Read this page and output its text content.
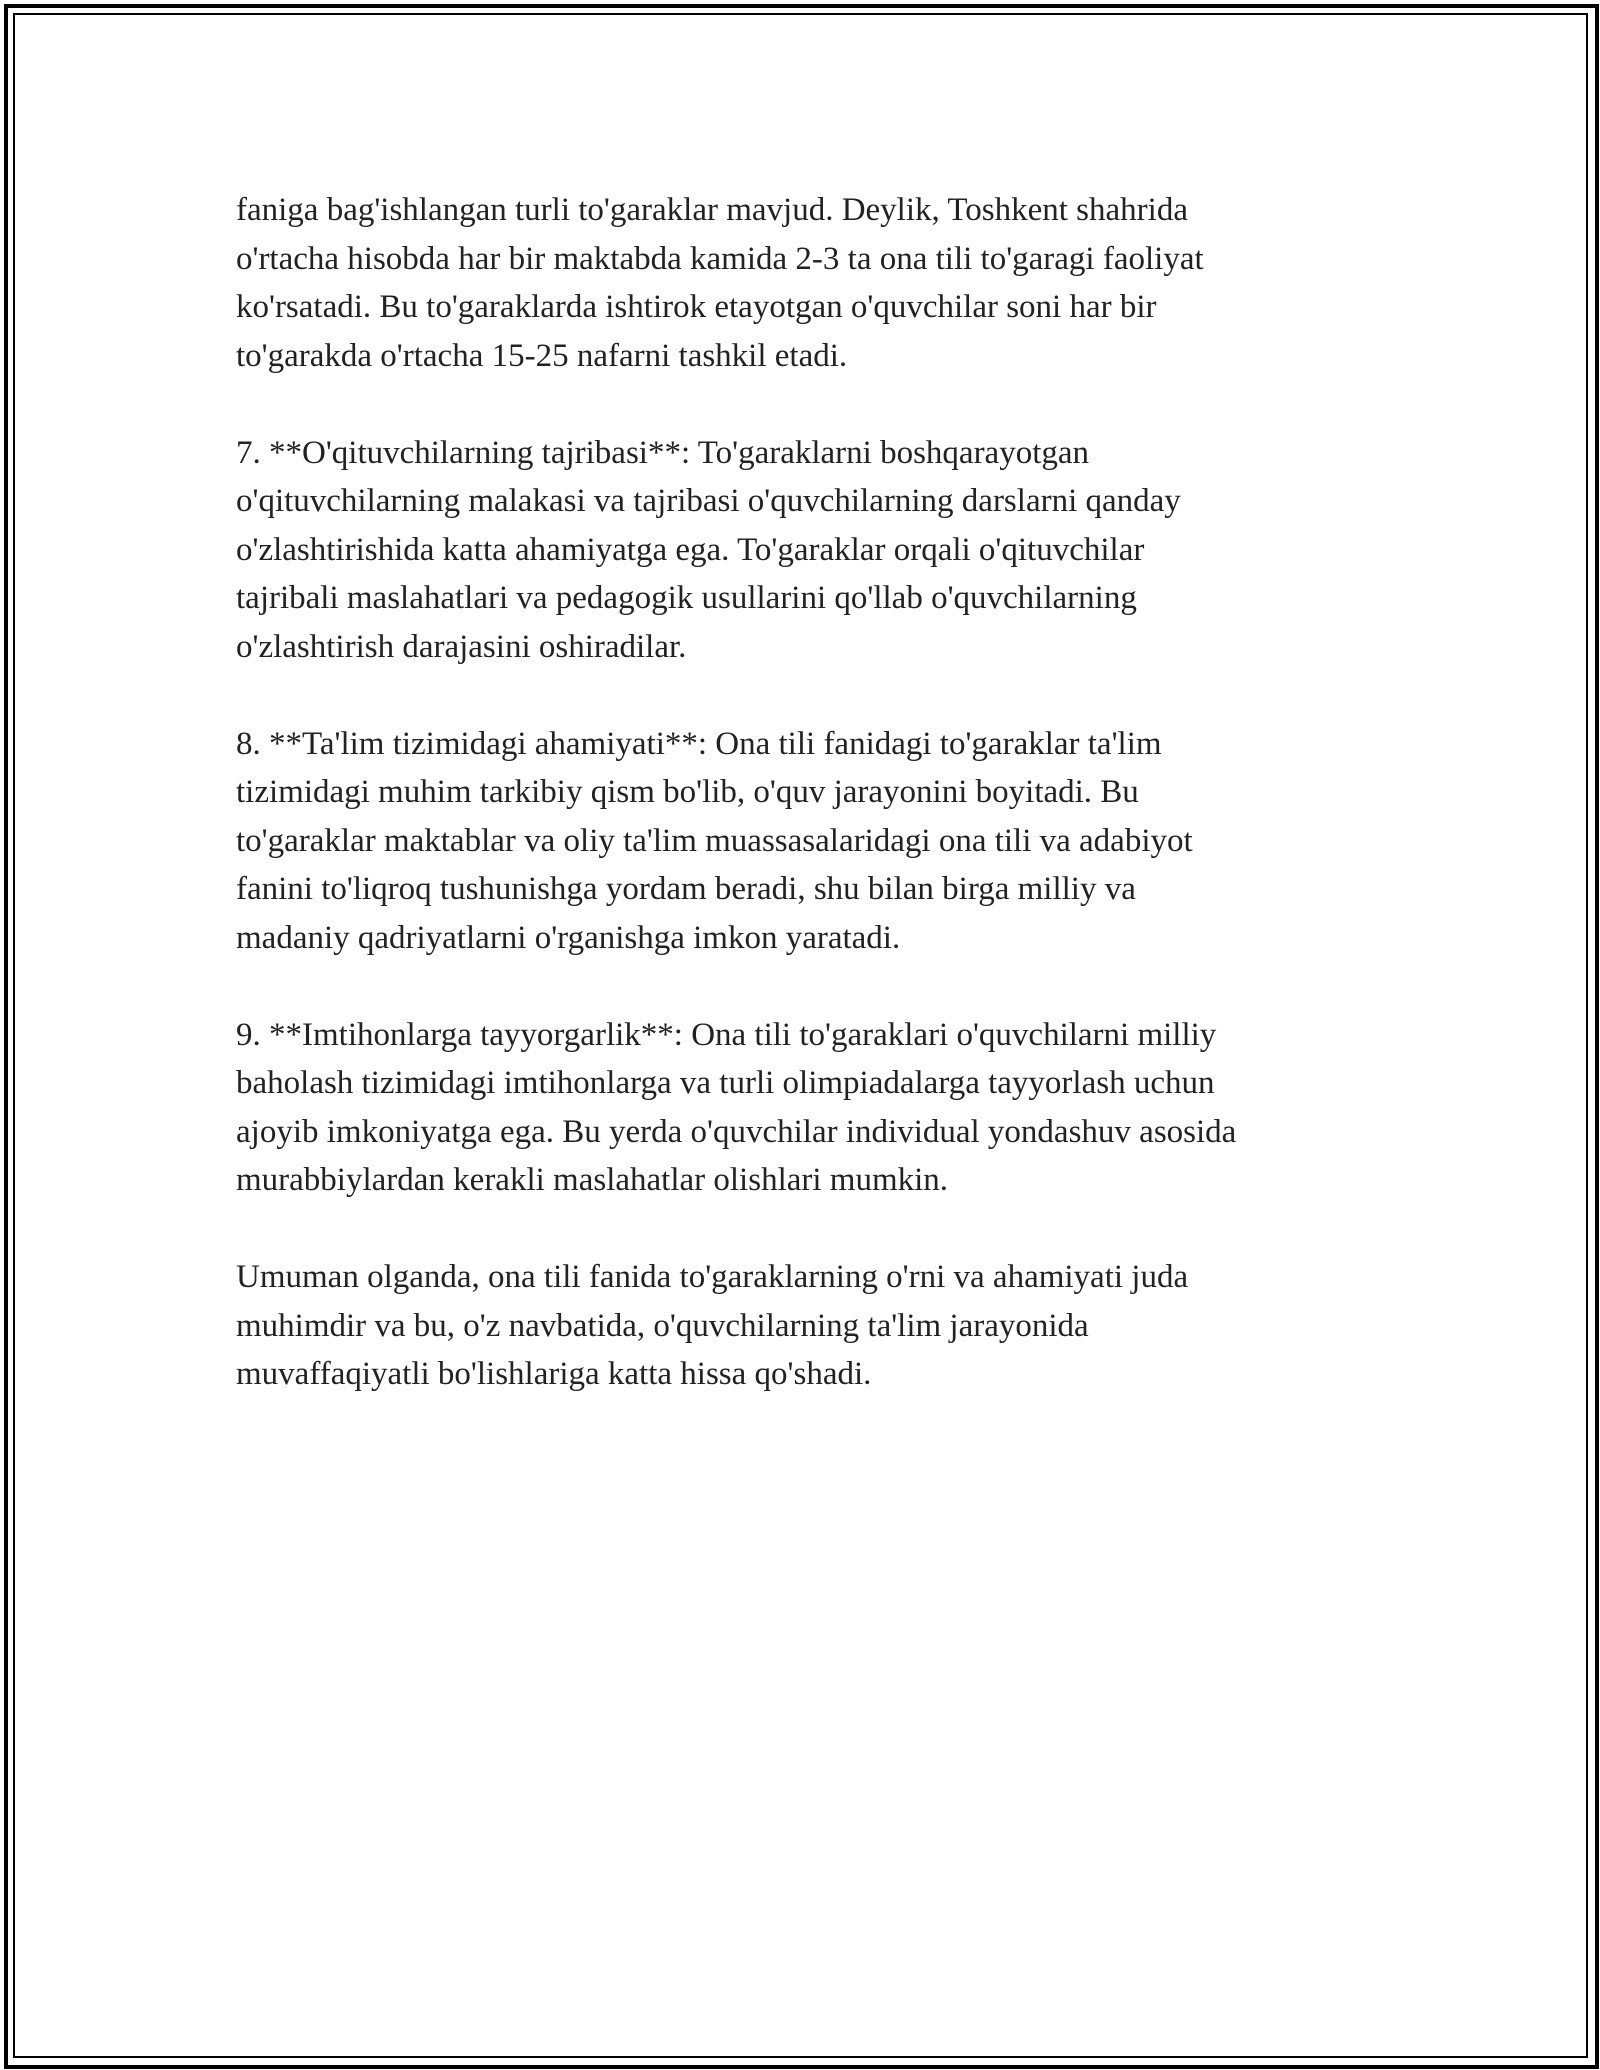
faniga bag'ishlangan turli to'garaklar mavjud. Deylik, Toshkent shahrida
o'rtacha hisobda har bir maktabda kamida 2-3 ta ona tili to'garagi faoliyat
ko'rsatadi. Bu to'garaklarda ishtirok etayotgan o'quvchilar soni har bir
to'garakda o'rtacha 15-25 nafarni tashkil etadi.

7. **O'qituvchilarning tajribasi**: To'garaklarni boshqarayotgan
o'qituvchilarning malakasi va tajribasi o'quvchilarning darslarni qanday
o'zlashtirishida katta ahamiyatga ega. To'garaklar orqali o'qituvchilar
tajribali maslahatlari va pedagogik usullarini qo'llab o'quvchilarning
o'zlashtirish darajasini oshiradilar.

8. **Ta'lim tizimidagi ahamiyati**: Ona tili fanidagi to'garaklar ta'lim
tizimidagi muhim tarkibiy qism bo'lib, o'quv jarayonini boyitadi. Bu
to'garaklar maktablar va oliy ta'lim muassasalaridagi ona tili va adabiyot
fanini to'liqroq tushunishga yordam beradi, shu bilan birga milliy va
madaniy qadriyatlarni o'rganishga imkon yaratadi.

9. **Imtihonlarga tayyorgarlik**: Ona tili to'garaklari o'quvchilarni milliy
baholash tizimidagi imtihonlarga va turli olimpiadalarga tayyorlash uchun
ajoyib imkoniyatga ega. Bu yerda o'quvchilar individual yondashuv asosida
murabbiylardan kerakli maslahatlar olishlari mumkin.

Umuman olganda, ona tili fanida to'garaklarning o'rni va ahamiyati juda
muhimdir va bu, o'z navbatida, o'quvchilarning ta'lim jarayonida
muvaffaqiyatli bo'lishlariga katta hissa qo'shadi.
